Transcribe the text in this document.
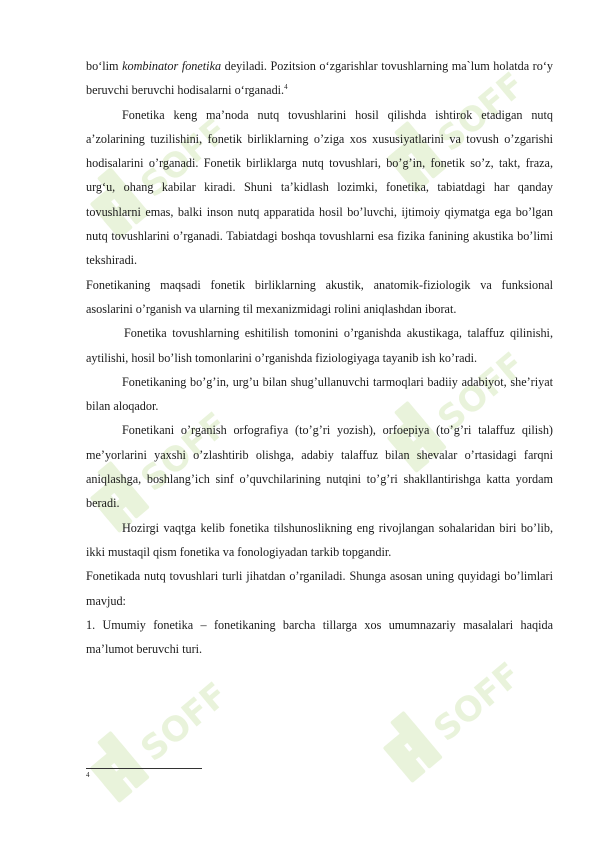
SOFF
SOFF
SOFF
SOFF
SOFF
SOFF

bo‘lim kombinator fonetika deyiladi. Pozitsion o‘zgarishlar tovushlarning ma`lum holatda ro‘y beruvchi beruvchi hodisalarni o‘rganadi.$^4$

Fonetika keng ma’noda nutq tovushlarini hosil qilishda ishtirok etadigan nutq a’zolarining tuzilishini, fonetik birliklarning o’ziga xos xususiyatlarini va tovush o’zgarishi hodisalarini o’rganadi. Fonetik birliklarga nutq tovushlari, bo’g’in, fonetik so’z, takt, fraza, urg‘u, ohang kabilar kiradi. Shuni ta’kidlash lozimki, fonetika, tabiatdagi har qanday tovushlarni emas, balki inson nutq apparatida hosil bo’luvchi, ijtimoiy qiymatga ega bo’lgan nutq tovushlarini o’rganadi. Tabiatdagi boshqa tovushlarni esa fizika fanining akustika bo’limi tekshiradi.

Fonetikaning maqsadi fonetik birliklarning akustik, anatomik-fiziologik va funksional asoslarini o’rganish va ularning til mexanizmidagi rolini aniqlashdan iborat.

Fonetika tovushlarning eshitilish tomonini o’rganishda akustikaga, talaffuz qilinishi, aytilishi, hosil bo’lish tomonlarini o’rganishda fiziologiyaga tayanib ish ko’radi.

Fonetikaning bo’g’in, urg’u bilan shug’ullanuvchi tarmoqlari badiiy adabiyot, she’riyat bilan aloqador.

Fonetikani o’rganish orfografiya (to’g’ri yozish), orfoepiya (to’g’ri talaffuz qilish) me’yorlarini yaxshi o’zlashtirib olishga, adabiy talaffuz bilan shevalar o’rtasidagi farqni aniqlashga, boshlang’ich sinf o’quvchilarining nutqini to’g’ri shakllantirishga katta yordam beradi.

Hozirgi vaqtga kelib fonetika tilshunoslikning eng rivojlangan sohalaridan biri bo’lib, ikki mustaqil qism fonetika va fonologiyadan tarkib topgandir.

Fonetikada nutq tovushlari turli jihatdan o’rganiladi. Shunga asosan uning quyidagi bo’limlari mavjud:

1. Umumiy fonetika – fonetikaning barcha tillarga xos umumnazariy masalalari haqida ma’lumot beruvchi turi.

4
